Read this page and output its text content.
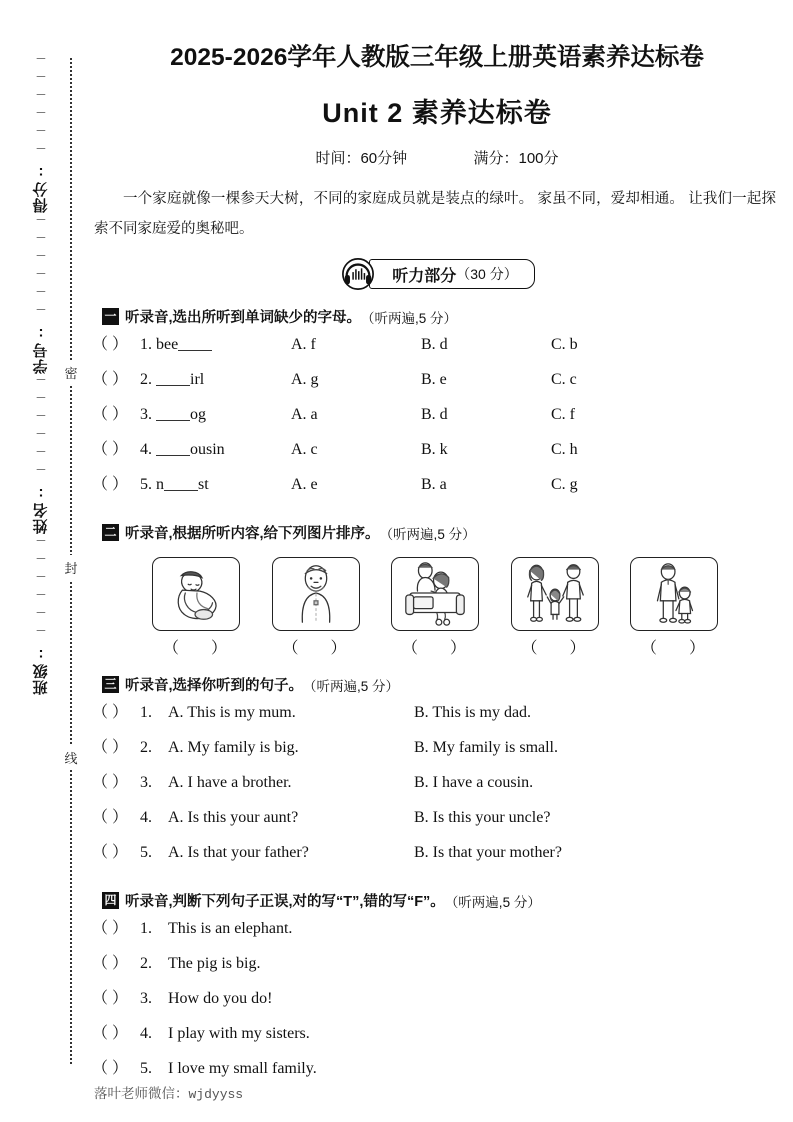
班级:______
姓名:______
学号:______
得分:______
密
封
线
2025-2026学年人教版三年级上册英语素养达标卷
Unit 2 素养达标卷
时间：60分钟	满分：100分
一个家庭就像一棵参天大树，不同的家庭成员就是装点的绿叶。 家虽不同，爱却相通。 让我们一起探索不同家庭爱的奥秘吧。
听力部分 （30 分）
一 听录音,选出所听到单词缺少的字母。 （听两遍,5 分）
（ ） 1. bee	A. f	B. d	C. b
（ ） 2.	irl	A. g	B. e	C. c
（ ） 3.	og	A. a	B. d	C. f
（ ） 4.	ousin	A. c	B. k	C. h
（ ） 5. n st	A. e	B. a	C. g
二 听录音,根据所听内容,给下列图片排序。 （听两遍,5 分）
（ ）	（ ）	（ ）	（ ）	（ ）
三 听录音,选择你听到的句子。 （听两遍,5 分）
（ ） 1.	A. This is my mum.	B. This is my dad.
（ ） 2.	A. My family is big.	B. My family is small.
（ ） 3.	A. I have a brother.	B. I have a cousin.
（ ） 4.	A. Is this your aunt?	B. Is this your uncle?
（ ） 5.	A. Is that your father?	B. Is that your mother?
四 听录音,判断下列句子正误,对的写“T”,错的写“F”。 （听两遍,5 分）
（ ） 1.	This is an elephant.
（ ） 2.	The pig is big.
（ ） 3.	How do you do!
（ ） 4.	I play with my sisters.
（ ） 5.	I love my small family.
落叶老师微信：wjdyyss
